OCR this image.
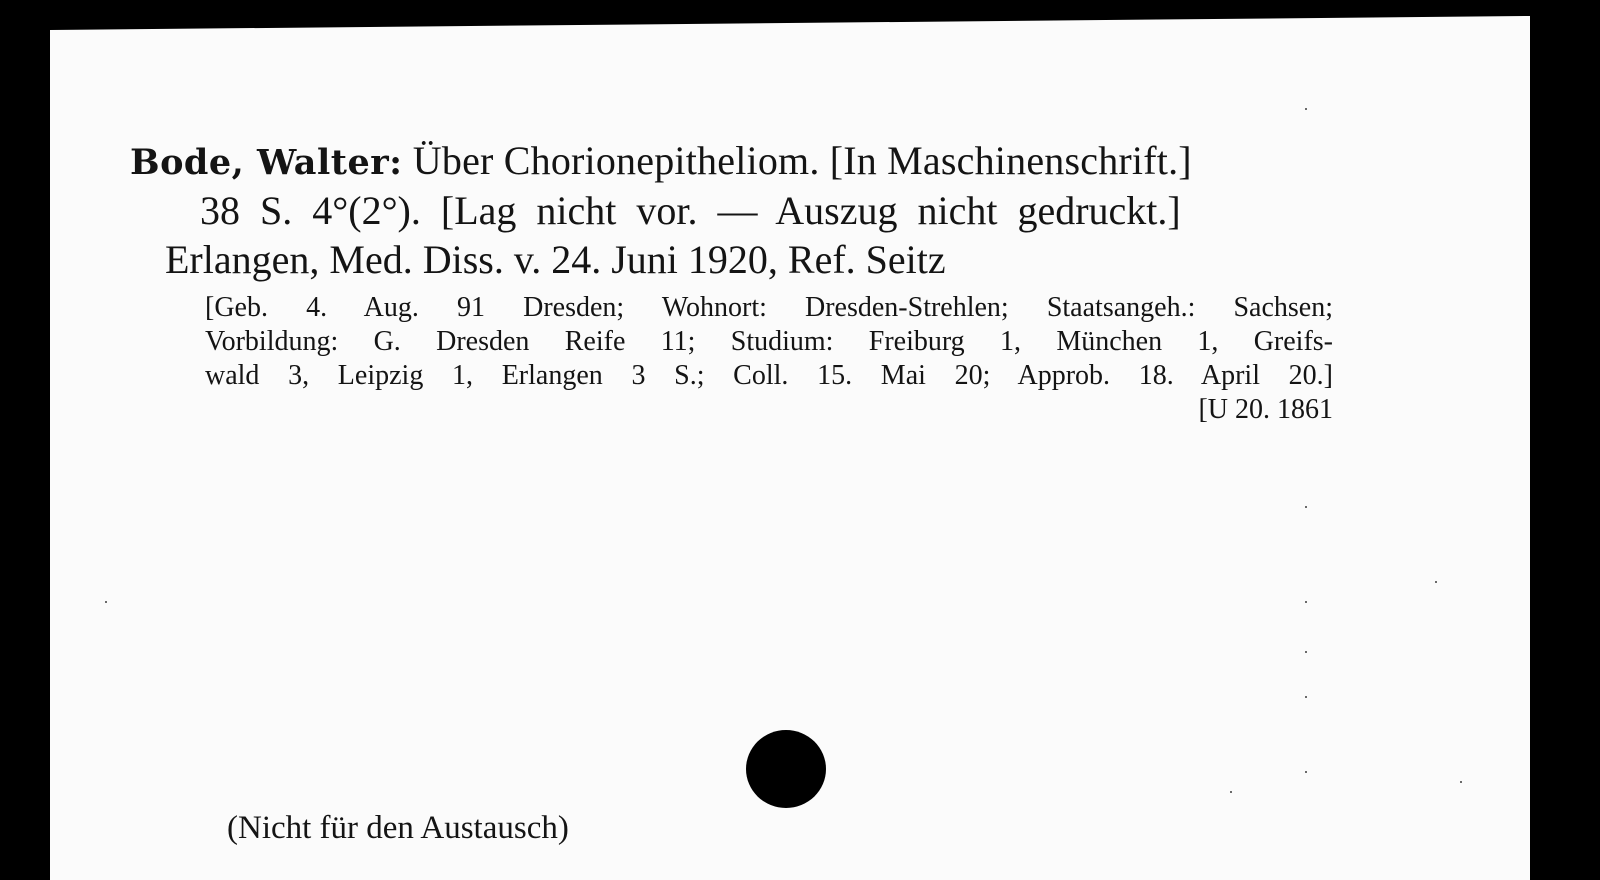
Bode, Walter: Über Chorionepitheliom. [In Maschinenschrift.]
38 S. 4°(2°). [Lag nicht vor. — Auszug nicht gedruckt.]
Erlangen, Med. Diss. v. 24. Juni 1920, Ref. Seitz
[Geb. 4. Aug. 91 Dresden; Wohnort: Dresden-Strehlen; Staatsangeh.: Sachsen;
Vorbildung: G. Dresden Reife 11; Studium: Freiburg 1, München 1, Greifs-
wald 3, Leipzig 1, Erlangen 3 S.; Coll. 15. Mai 20; Approb. 18. April 20.]
[U 20. 1861
(Nicht für den Austausch)
